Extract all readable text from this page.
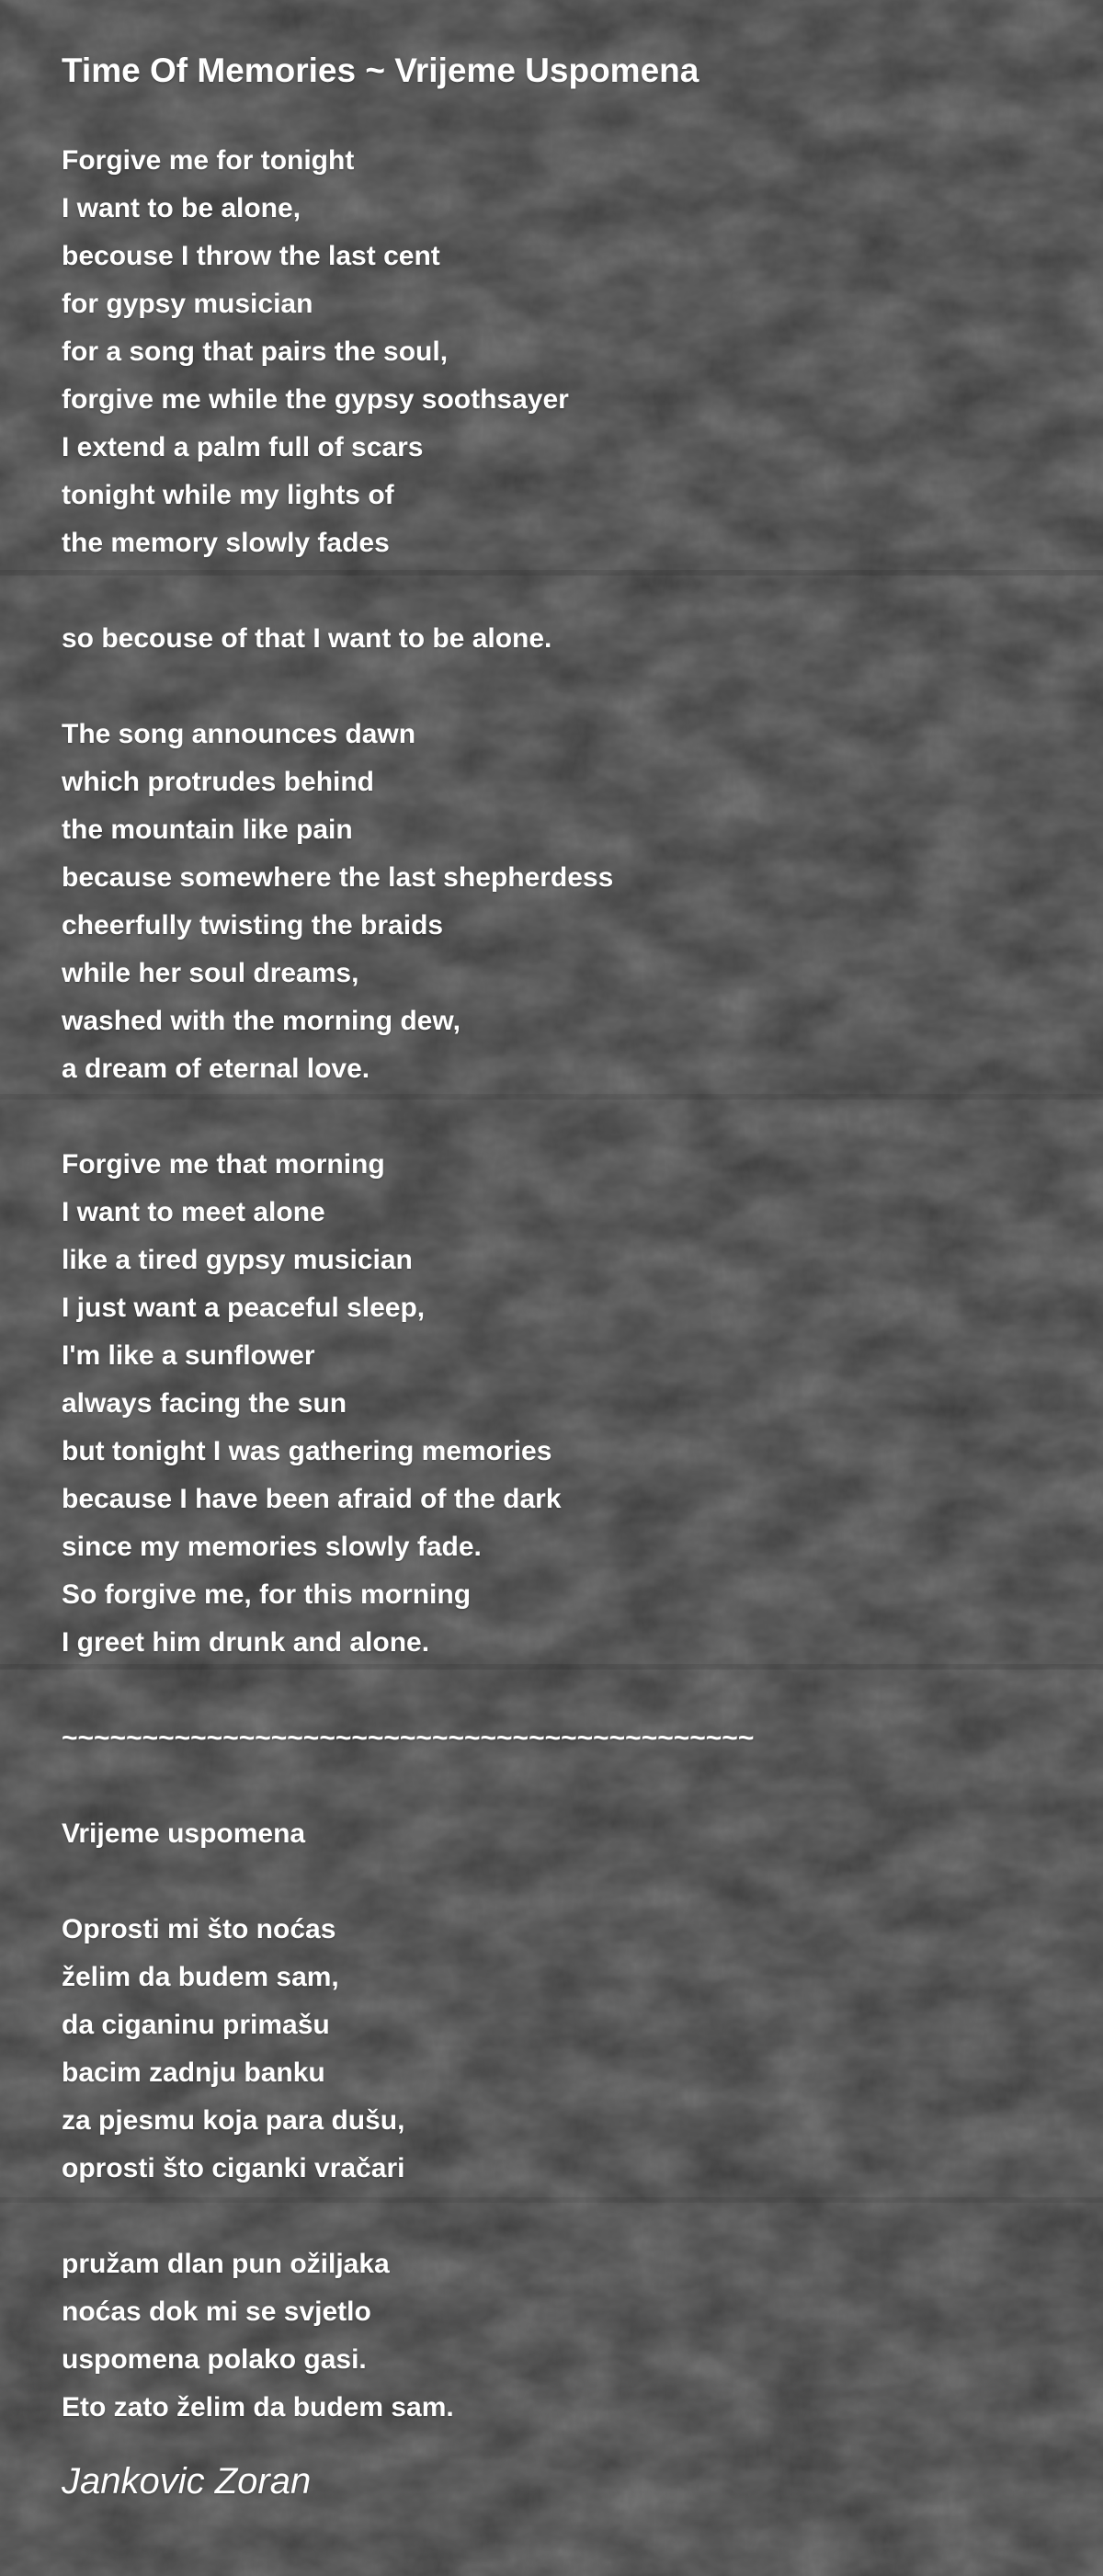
Time Of Memories ~ Vrijeme Uspomena
Forgive me for tonight
I want to be alone,
becouse I throw the last cent
for gypsy musician
for a song that pairs the soul,
forgive me while the gypsy soothsayer
I extend a palm full of scars
tonight while my lights of
the memory slowly fades
so becouse of that I want to be alone.
The song announces dawn
which protrudes behind
the mountain like pain
because somewhere the last shepherdess
cheerfully twisting the braids
while her soul dreams,
washed with the morning dew,
a dream of eternal love.
Forgive me that morning
I want to meet alone
like a tired gypsy musician
I just want a peaceful sleep,
I'm like a sunflower
always facing the sun
but tonight I was gathering memories
because I have been afraid of the dark
since my memories slowly fade.
So forgive me, for this morning
I greet him drunk and alone.
~~~~~~~~~~~~~~~~~~~~~~~~~~~~~~~~~~~~~~~~~~~
Vrijeme uspomena
Oprosti mi što noćas
želim da budem sam,
da ciganinu primašu
bacim zadnju banku
za pjesmu koja para dušu,
oprosti što ciganki vračari
pružam dlan pun ožiljaka
noćas dok mi se svjetlo
uspomena polako gasi.
Eto zato želim da budem sam.
Jankovic Zoran
